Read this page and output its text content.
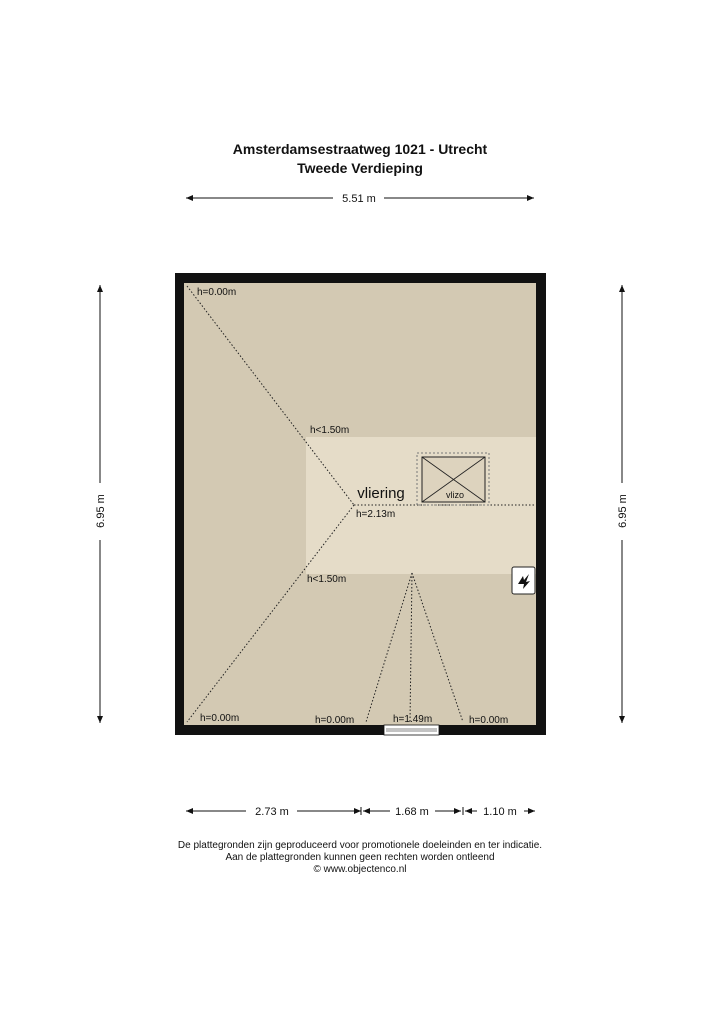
Amsterdamsestraatweg 1021 - Utrecht
Tweede Verdieping
5.51 m
6.95 m	6.95 m
vlizo
vliering
h=0.00m
h<1.50m
h=2.13m
h<1.50m
h=0.00m	h=0.00m	h=1.49m	h=0.00m
2.73 m	1.68 m	1.10 m
De plattegronden zijn geproduceerd voor promotionele doeleinden en ter indicatie.
Aan de plattegronden kunnen geen rechten worden ontleend
© www.objectenco.nl
